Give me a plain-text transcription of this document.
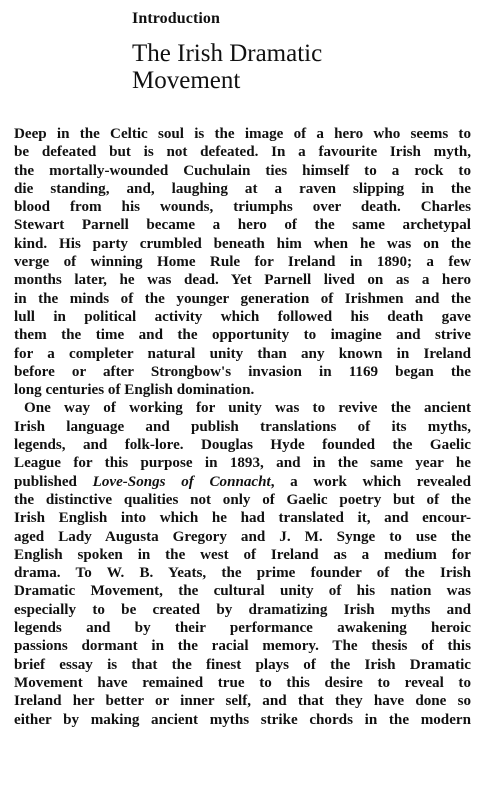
Introduction
The Irish Dramatic
Movement
Deep in the Celtic soul is the image of a hero who seems to
be defeated but is not defeated. In a favourite Irish myth,
the mortally-wounded Cuchulain ties himself to a rock to
die standing, and, laughing at a raven slipping in the
blood from his wounds, triumphs over death. Charles
Stewart Parnell became a hero of the same archetypal
kind. His party crumbled beneath him when he was on the
verge of winning Home Rule for Ireland in 1890; a few
months later, he was dead. Yet Parnell lived on as a hero
in the minds of the younger generation of Irishmen and the
lull in political activity which followed his death gave
them the time and the opportunity to imagine and strive
for a completer natural unity than any known in Ireland
before or after Strongbow's invasion in 1169 began the
long centuries of English domination.
One way of working for unity was to revive the ancient
Irish language and publish translations of its myths,
legends, and folk-lore. Douglas Hyde founded the Gaelic
League for this purpose in 1893, and in the same year he
published Love-Songs of Connacht, a work which revealed
the distinctive qualities not only of Gaelic poetry but of the
Irish English into which he had translated it, and encour-
aged Lady Augusta Gregory and J. M. Synge to use the
English spoken in the west of Ireland as a medium for
drama. To W. B. Yeats, the prime founder of the Irish
Dramatic Movement, the cultural unity of his nation was
especially to be created by dramatizing Irish myths and
legends and by their performance awakening heroic
passions dormant in the racial memory. The thesis of this
brief essay is that the finest plays of the Irish Dramatic
Movement have remained true to this desire to reveal to
Ireland her better or inner self, and that they have done so
either by making ancient myths strike chords in the modern
